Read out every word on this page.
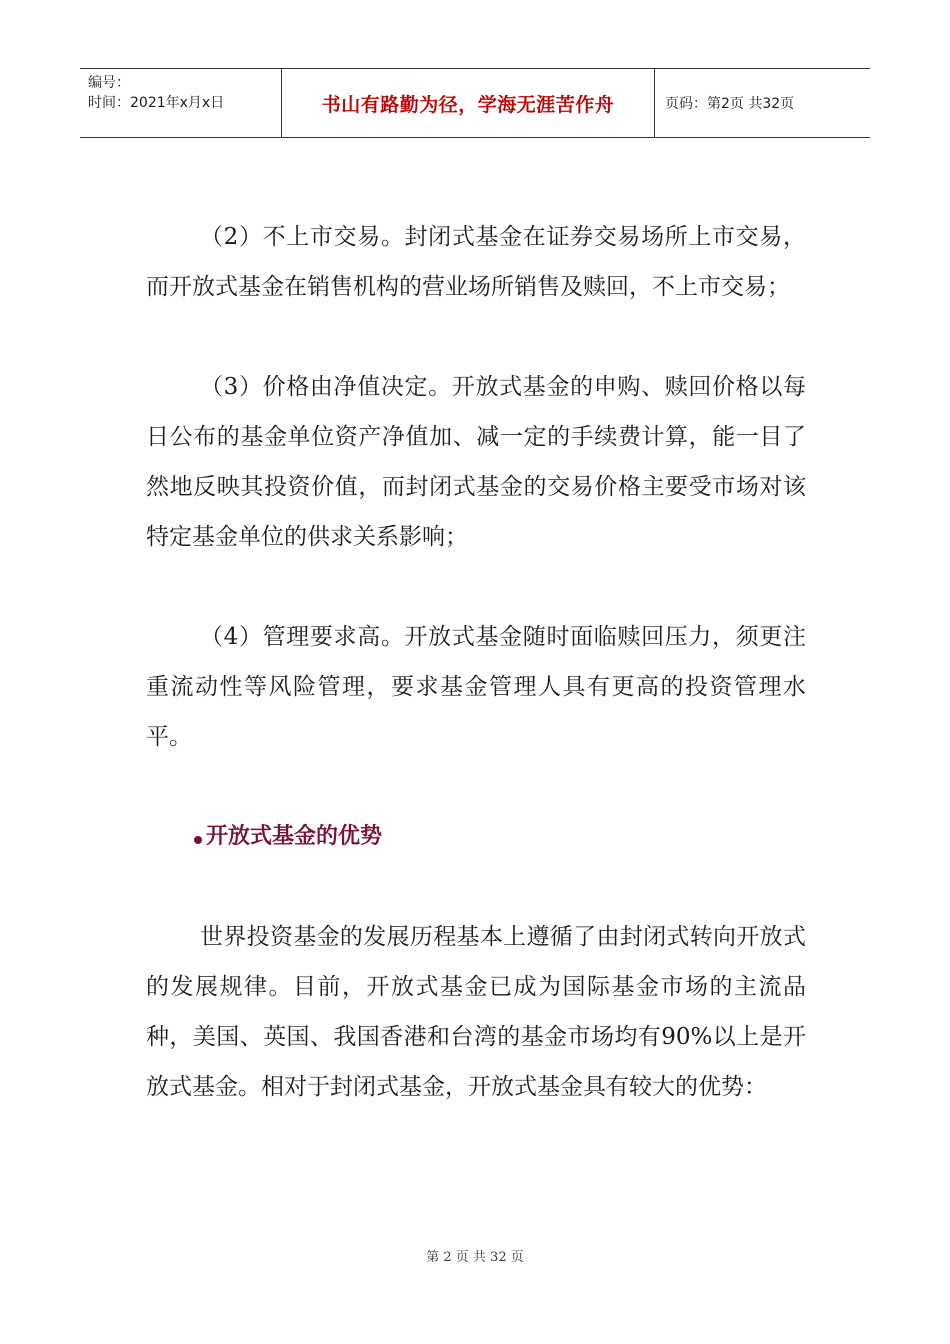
编号：
时间：2021年x月x日	书山有路勤为径，学海无涯苦作舟	页码：第2页 共32页

（2）不上市交易。封闭式基金在证券交易场所上市交易，而开放式基金在销售机构的营业场所销售及赎回，不上市交易；

（3）价格由净值决定。开放式基金的申购、赎回价格以每日公布的基金单位资产净值加、减一定的手续费计算，能一目了然地反映其投资价值，而封闭式基金的交易价格主要受市场对该特定基金单位的供求关系影响；

（4）管理要求高。开放式基金随时面临赎回压力，须更注重流动性等风险管理，要求基金管理人具有更高的投资管理水平。

开放式基金的优势

世界投资基金的发展历程基本上遵循了由封闭式转向开放式的发展规律。目前，开放式基金已成为国际基金市场的主流品种，美国、英国、我国香港和台湾的基金市场均有90%以上是开放式基金。相对于封闭式基金，开放式基金具有较大的优势：

第 2 页 共 32 页
